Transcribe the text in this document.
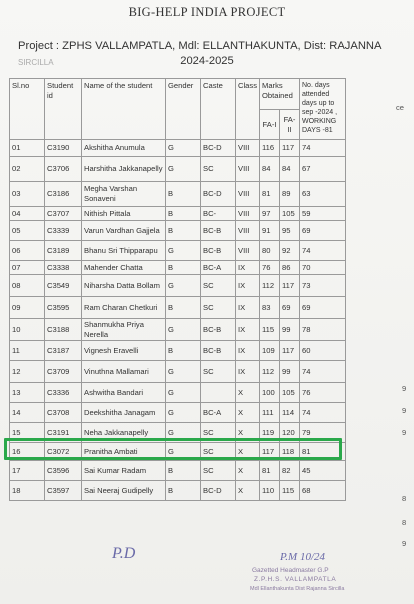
BIG-HELP INDIA PROJECT
Project : ZPHS VALLAMPATLA, Mdl: ELLANTHAKUNTA, Dist: RAJANNA SIRCILLA	2024-2025
Sl.no	Student id	Name of the student	Gender	Caste	Class	Marks Obtained		No. days attended days up to sep -2024 , WORKING DAYS -81
						FA-I	FA-II	
01	C3190	Akshitha Anumula	G	BC-D	VIII	116	117	74
02	C3706	Harshitha Jakkanapelly	G	SC	VIII	84	84	67
03	C3186	Megha Varshan Sonaveni	B	BC-D	VIII	81	89	63
04	C3707	Nithish Pittala	B	BC-	VIII	97	105	59
05	C3339	Varun Vardhan Gajjela	B	BC-B	VIII	91	95	69
06	C3189	Bhanu Sri Thipparapu	G	BC-B	VIII	80	92	74
07	C3338	Mahender Chatta	B	BC-A	IX	76	86	70
08	C3549	Niharsha Datta Bollam	G	SC	IX	112	117	73
09	C3595	Ram Charan Chetkuri	B	SC	IX	83	69	69
10	C3188	Shanmukha Priya Nerella	G	BC-B	IX	115	99	78
11	C3187	Vignesh Eravelli	B	BC-B	IX	109	117	60
12	C3709	Vinuthna Mallamari	G	SC	IX	112	99	74
13	C3336	Ashwitha Bandari	G		X	100	105	76
14	C3708	Deekshitha Janagam	G	BC-A	X	111	114	74
15	C3191	Neha Jakkanapelly	G	SC	X	119	120	79
16	C3072	Pranitha Ambati	G	SC	X	117	118	81
17	C3596	Sai Kumar Radam	B	SC	X	81	82	45
18	C3597	Sai Neeraj Gudipelly	B	BC-D	X	110	115	68
ce
9
9
9
8
8
9
P.D	P.M 10/24
Gazetted Headmaster G.P
Z.P.H.S. VALLAMPATLA
Mdl Ellanthakunta Dist Rajanna Sircilla
